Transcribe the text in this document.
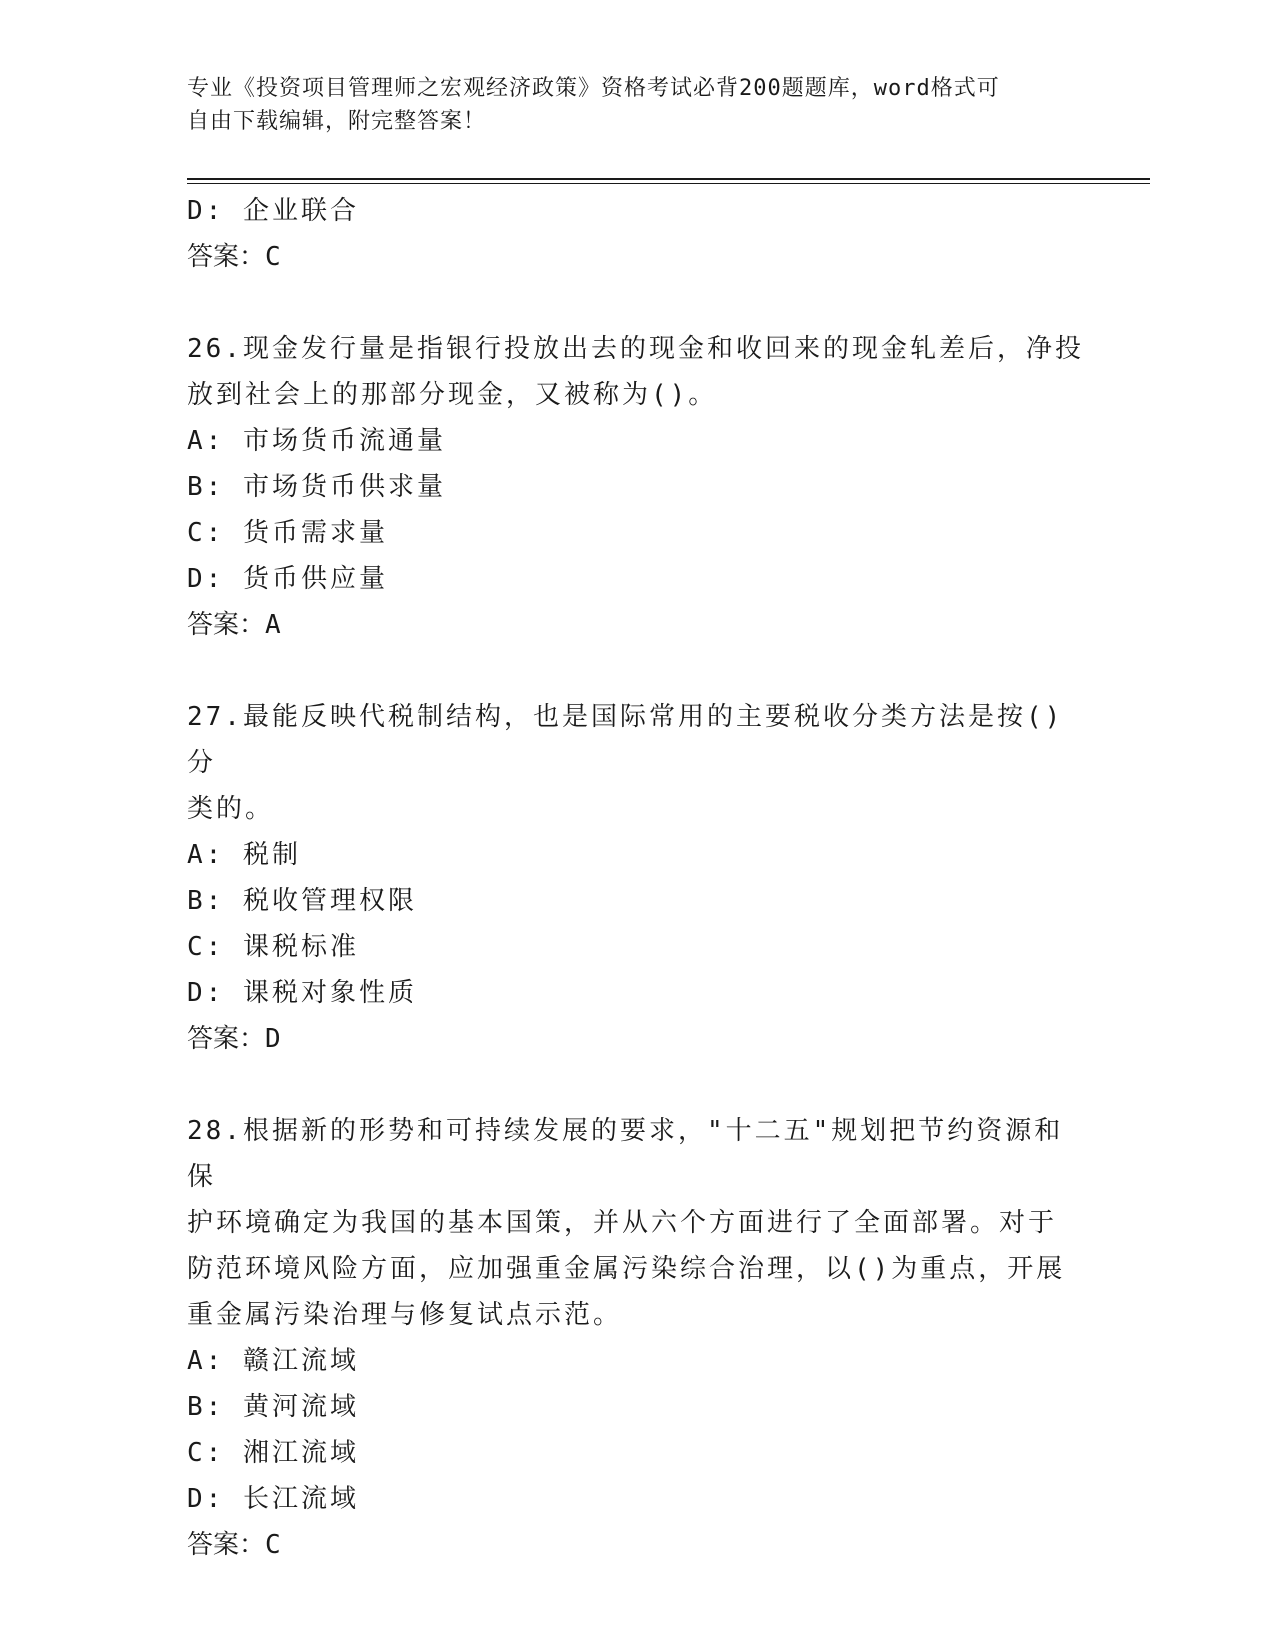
专业《投资项目管理师之宏观经济政策》资格考试必背200题题库，word格式可
自由下载编辑，附完整答案！
D: 企业联合
答案：C
26.现金发行量是指银行投放出去的现金和收回来的现金轧差后，净投
放到社会上的那部分现金，又被称为()。
A: 市场货币流通量
B: 市场货币供求量
C: 货币需求量
D: 货币供应量
答案：A
27.最能反映代税制结构，也是国际常用的主要税收分类方法是按()分
类的。
A: 税制
B: 税收管理权限
C: 课税标准
D: 课税对象性质
答案：D
28.根据新的形势和可持续发展的要求，"十二五"规划把节约资源和保
护环境确定为我国的基本国策，并从六个方面进行了全面部署。对于
防范环境风险方面，应加强重金属污染综合治理，以()为重点，开展
重金属污染治理与修复试点示范。
A: 赣江流域
B: 黄河流域
C: 湘江流域
D: 长江流域
答案：C
